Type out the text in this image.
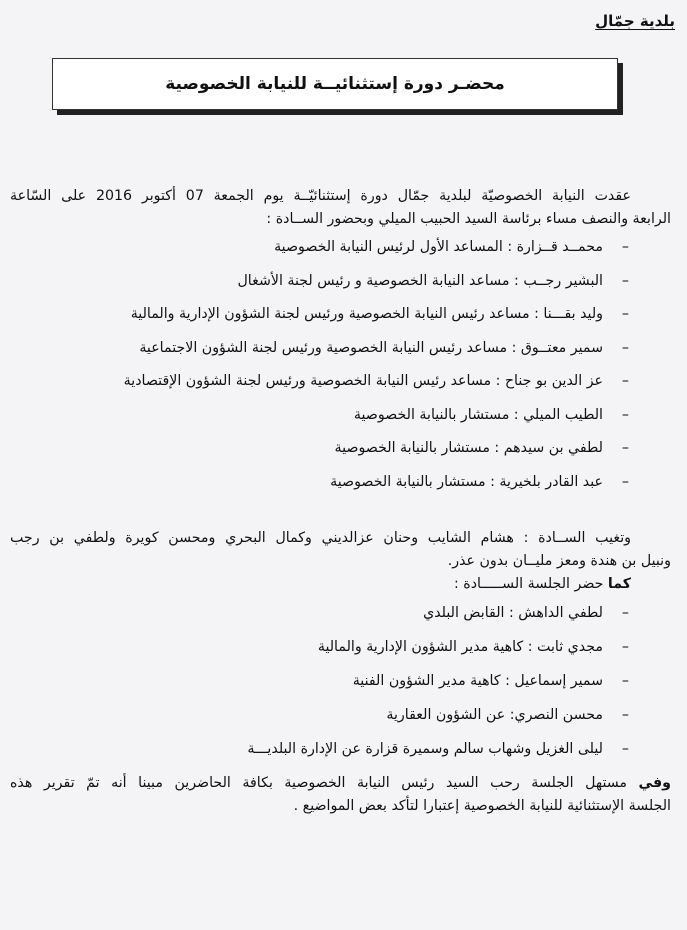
بلدية جمّال
محضـر دورة إستثنائيــة للنيابة الخصوصية
عقدت النيابة الخصوصيّة لبلدية جمّال دورة إستثنائيّــة يوم الجمعة 07 أكتوبر 2016 على السّاعة
الرابعة والنصف مساء برئاسة السيد الحبيب الميلي وبحضور الســادة :
–محمــد قــزارة : المساعد الأول لرئيس النيابة الخصوصية
–البشير رجــب : مساعد النيابة الخصوصية و رئيس لجنة الأشغال
–وليد بقـــنا : مساعد رئيس النيابة الخصوصية ورئيس لجنة الشؤون الإدارية والمالية
–سمير معتــوق : مساعد رئيس النيابة الخصوصية ورئيس لجنة الشؤون الاجتماعية
–عز الدين بو جناح : مساعد رئيس النيابة الخصوصية ورئيس لجنة الشؤون الإقتصادية
–الطيب الميلي : مستشار بالنيابة الخصوصية
–لطفي بن سيدهم : مستشار بالنيابة الخصوصية
–عبد القادر بلخيرية : مستشار بالنيابة الخصوصية
وتغيب الســادة : هشام الشايب وحنان عزالديني وكمال البحري ومحسن كويرة ولطفي بن رجب
ونبيل بن هندة ومعز مليــان بدون عذر.
كما حضر الجلسة الســـــادة :
–لطفي الداهش : القابض البلدي
–مجدي ثابت : كاهية مدير الشؤون الإدارية والمالية
–سمير إسماعيل : كاهية مدير الشؤون الفنية
–محسن النصري: عن الشؤون العقارية
–ليلى الغزيل وشهاب سالم وسميرة قزارة عن الإدارة البلديـــة
وفي مستهل الجلسة رحب السيد رئيس النيابة الخصوصية بكافة الحاضرين مبينا أنه تمّ تقرير هذه
الجلسة الإستثنائية للنيابة الخصوصية إعتبارا لتأكد بعض المواضيع .
